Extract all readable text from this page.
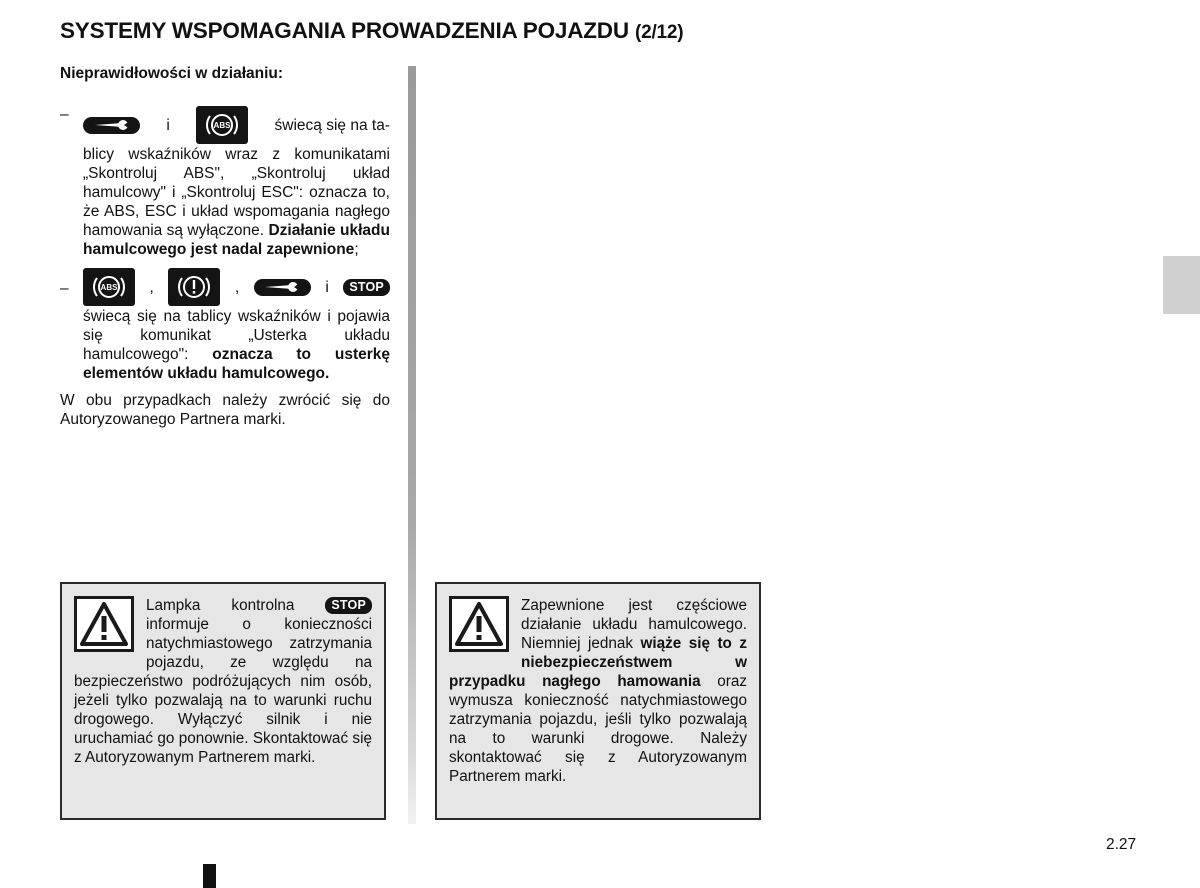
SYSTEMY WSPOMAGANIA PROWADZENIA POJAZDU (2/12)

Nieprawidłowości w działaniu:

–
i	ABS	świecą się na ta-

blicy wskaźników wraz z komunikatami „Skontroluj ABS", „Skontroluj układ hamulcowy" i „Skontroluj ESC": oznacza to, że ABS, ESC i układ wspomagania nagłego hamowania są wyłączone. Działanie układu hamulcowego jest nadal zapewnione;

–	ABS ,	,	i	STOP

świecą się na tablicy wskaźników i pojawia się komunikat „Usterka układu hamulcowego": oznacza to usterkę elementów układu hamulcowego.

W obu przypadkach należy zwrócić się do Autoryzowanego Partnera marki.

Lampka kontrolna	STOP informuje o konieczności natychmiastowego zatrzymania pojazdu, ze względu na bezpieczeństwo podróżujących nim osób, jeżeli tylko pozwalają na to warunki ruchu drogowego. Wyłączyć silnik i nie uruchamiać go ponownie. Skontaktować się z Autoryzowanym Partnerem marki.

Zapewnione jest częściowe działanie układu hamulcowego. Niemniej jednak wiąże się to z niebezpieczeństwem w przypadku nagłego hamowania oraz wymusza konieczność natychmiastowego zatrzymania pojazdu, jeśli tylko pozwalają na to warunki drogowe. Należy skontaktować się z Autoryzowanym Partnerem marki.

2.27
